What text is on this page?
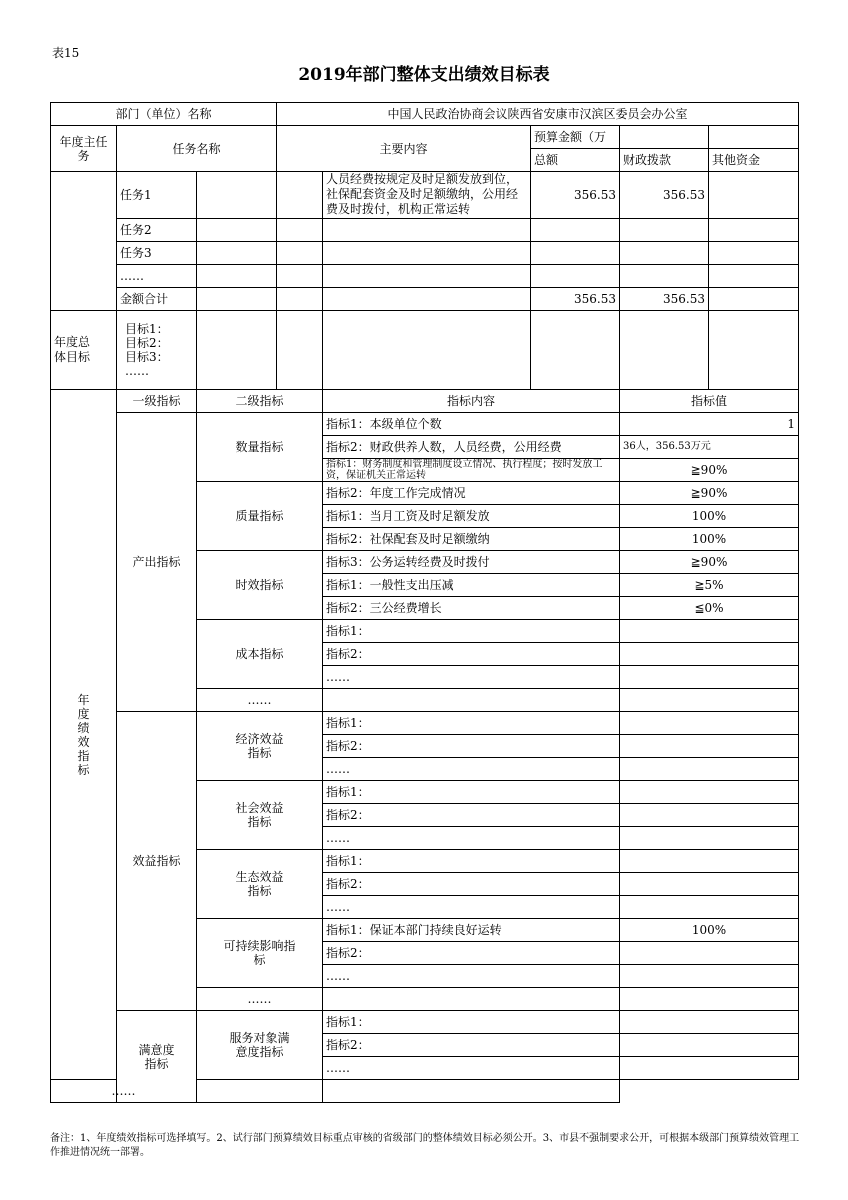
表15
2019年部门整体支出绩效目标表
部门（单位）名称			中国人民政治协商会议陕西省安康市汉滨区委员会办公室				
年度主任务	任务名称		主要内容		预算金额（万		

					总额	财政拨款	其他资金
	任务1			人员经费按规定及时足额发放到位，社保配套资金及时足额缴纳，公用经费及时拨付，机构正常运转	356.53	356.53	
	任务2						
	任务3						
	……						
	金额合计				356.53	356.53	

年度总体目标	目标1：
目标2：
目标3：
……						

年度绩效指标	一级指标	二级指标		指标内容		指标值	
	产出指标	数量指标		指标1：本级单位个数		1	
				指标2：财政供养人数，人员经费，公用经费		36人，356.53万元	

				指标1：财务制度和管理制度设立情况、执行程度；按时发放工资，保证机关正常运转		≧90%	
		质量指标		指标2：年度工作完成情况		≧90%	
				指标1：当月工资及时足额发放		100%	
				指标2：社保配套及时足额缴纳		100%	
		时效指标		指标3：公务运转经费及时拨付		≧90%	
				指标1：一般性支出压减		≧5%	
				指标2：三公经费增长		≦0%	
		成本指标		指标1：			
				指标2：			
				……			
		……					
	效益指标	经济效益指标		指标1：			
				指标2：			
				……			
		社会效益指标		指标1：			
				指标2：			
				……			
		生态效益指标		指标1：			
				指标2：			
				……			
		可持续影响指标		指标1：保证本部门持续良好运转		100%	
				指标2：			
				……			
		……					
	满意度指标	服务对象满意度指标		指标1：			
				指标2：			
				……			
……							
备注：1、年度绩效指标可选择填写。2、试行部门预算绩效目标重点审核的省级部门的整体绩效目标必须公开。3、市县不强制要求公开，可根据本级部门预算绩效管理工作推进情况统一部署。
